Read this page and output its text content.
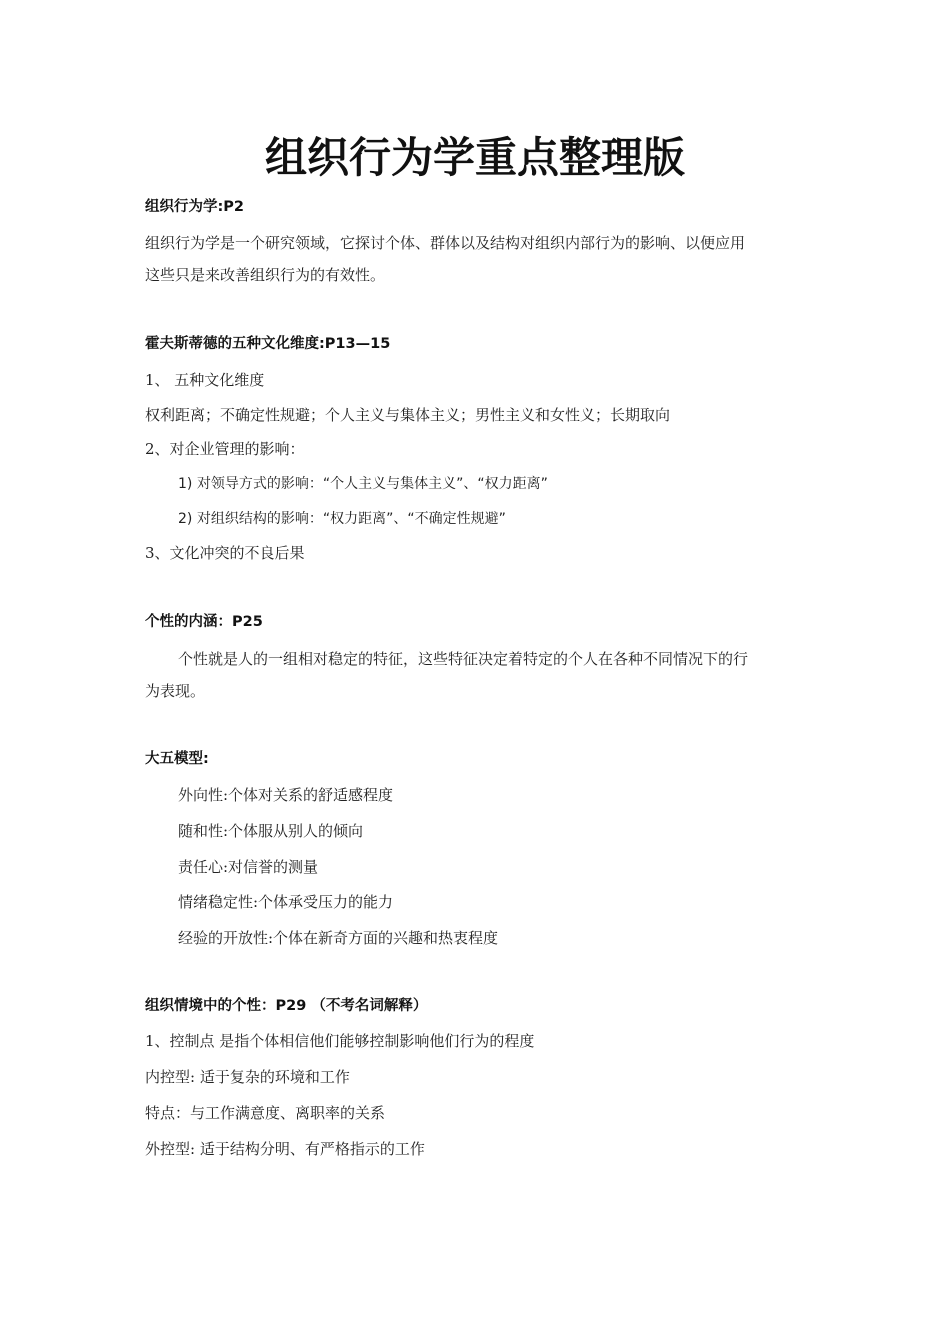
组织行为学重点整理版
组织行为学:P2
组织行为学是一个研究领域，它探讨个体、群体以及结构对组织内部行为的影响、以便应用
这些只是来改善组织行为的有效性。
霍夫斯蒂德的五种文化维度:P13—15
1、 五种文化维度
权利距离；不确定性规避；个人主义与集体主义；男性主义和女性义；长期取向
2、对企业管理的影响：
1) 对领导方式的影响：“个人主义与集体主义”、“权力距离”
2) 对组织结构的影响：“权力距离”、“不确定性规避”
3、文化冲突的不良后果
个性的内涵：P25
个性就是人的一组相对稳定的特征，这些特征决定着特定的个人在各种不同情况下的行
为表现。
大五模型:
外向性:个体对关系的舒适感程度
随和性:个体服从别人的倾向
责任心:对信誉的测量
情绪稳定性:个体承受压力的能力
经验的开放性:个体在新奇方面的兴趣和热衷程度
组织情境中的个性：P29 （不考名词解释）
1、控制点 是指个体相信他们能够控制影响他们行为的程度
内控型: 适于复杂的环境和工作
特点：与工作满意度、离职率的关系
外控型: 适于结构分明、有严格指示的工作
